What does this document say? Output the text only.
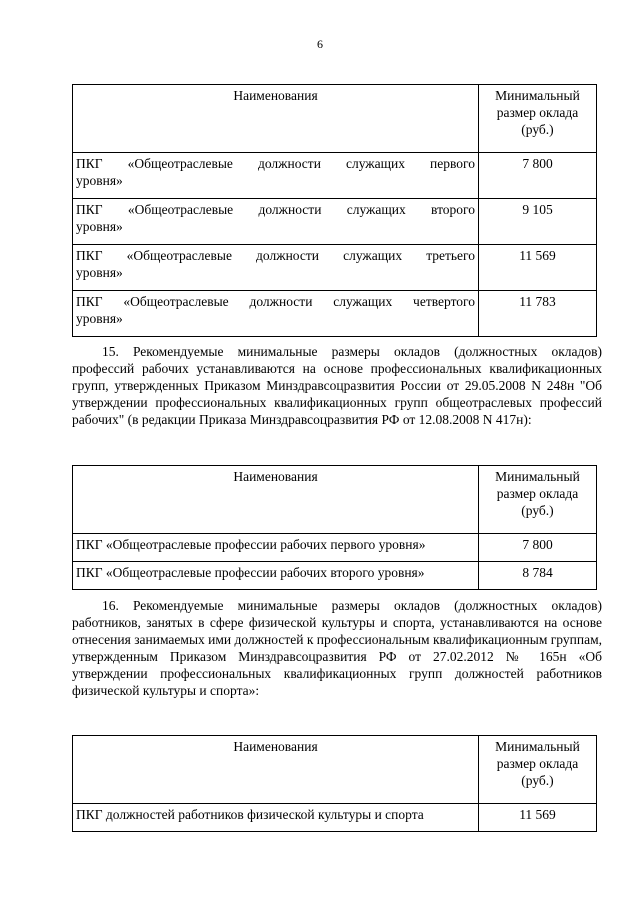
6
Наименования	Минимальный
размер оклада
(руб.)

ПКГ «Общеотраслевые должности служащих первого
уровня»	7 800

ПКГ «Общеотраслевые должности служащих второго
уровня»	9 105

ПКГ «Общеотраслевые должности служащих третьего
уровня»	11 569

ПКГ «Общеотраслевые должности служащих четвертого
уровня»	11 783

15. Рекомендуемые минимальные размеры окладов (должностных окладов) профессий рабочих устанавливаются на основе профессиональных квалификационных групп, утвержденных Приказом Минздравсоцразвития России от 29.05.2008 N 248н "Об утверждении профессиональных квалификационных групп общеотраслевых профессий рабочих" (в редакции Приказа Минздравсоцразвития РФ от 12.08.2008 N 417н):

Наименования	Минимальный
размер оклада
(руб.)
ПКГ «Общеотраслевые профессии рабочих первого уровня»	7 800
ПКГ «Общеотраслевые профессии рабочих второго уровня»	8 784

16. Рекомендуемые минимальные размеры окладов (должностных окладов) работников, занятых в сфере физической культуры и спорта, устанавливаются на основе отнесения занимаемых ими должностей к профессиональным квалификационным группам, утвержденным Приказом Минздравсоцразвития РФ от 27.02.2012 № 165н «Об утверждении профессиональных квалификационных групп должностей работников физической культуры и спорта»:

Наименования	Минимальный
размер оклада
(руб.)
ПКГ должностей работников физической культуры и спорта	11 569
